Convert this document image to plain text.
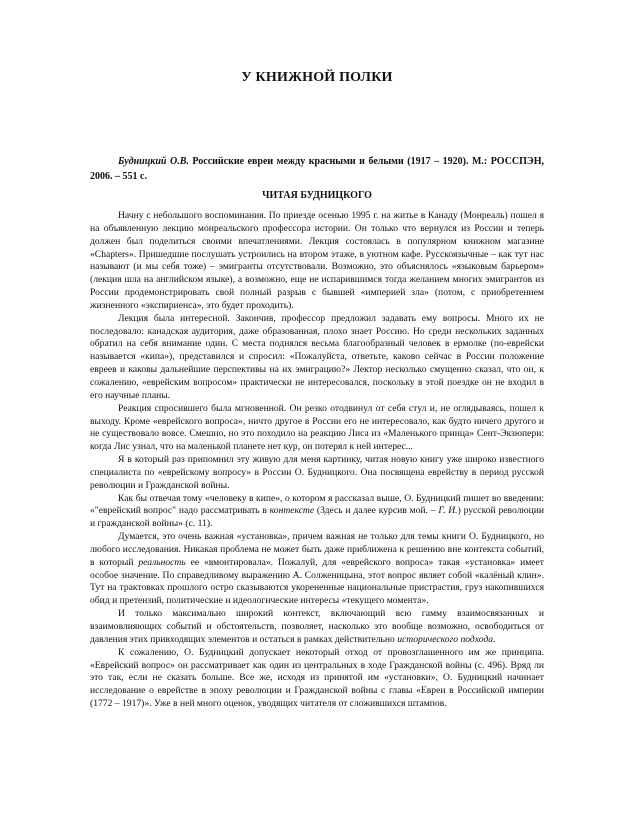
У КНИЖНОЙ ПОЛКИ
Будницкий О.В. Российские евреи между красными и белыми (1917 – 1920). М.: РОССПЭН, 2006. – 551 с.
ЧИТАЯ БУДНИЦКОГО

Начну с небольшого воспоминания. По приезде осенью 1995 г. на житье в Канаду (Монреаль) пошел я на объявленную лекцию монреальского профессора истории. Он только что вернулся из России и теперь должен был поделиться своими впечатлениями. Лекция состоялась в популярном книжном магазине «Chapters». Пришедшие послушать устроились на втором этаже, в уютном кафе. Русскоязычные – как тут нас называют (и мы себя тоже) – эмигранты отсутствовали. Возможно, это объяснялось «языковым барьером» (лекция шла на английском языке), а возможно, еще не испарившимся тогда желанием многих эмигрантов из России продемонстрировать свой полный разрыв с бывшей «империей зла» (потом, с приобретением жизненного «экспириенса», это будет проходить).

Лекция была интересной. Закончив, профессор предложил задавать ему вопросы. Много их не последовало: канадская аудитория, даже образованная, плохо знает Россию. Но среди нескольких заданных обратил на себя внимание один. С места поднялся весьма благообразный человек в ермолке (по-еврейски называется «кипа»), представился и спросил: «Пожалуйста, ответьте, каково сейчас в России положение евреев и каковы дальнейшие перспективы на их эмиграцию?» Лектор несколько смущенно сказал, что он, к сожалению, «еврейским вопросом» практически не интересовался, поскольку в этой поездке он не входил в его научные планы.

Реакция спросившего была мгновенной. Он резко отодвинул от себя стул и, не оглядываясь, пошел к выходу. Кроме «еврейского вопроса», ничто другое в России его не интересовало, как будто ничего другого и не существовало вовсе. Смешно, но это походило на реакцию Лиса из «Маленького принца» Сент-Экзюпери: когда Лис узнал, что на маленькой планете нет кур, он потерял к ней интерес...

Я в который раз припомнил эту живую для меня картинку, читая новую книгу уже широко известного специалиста по «еврейскому вопросу» в России О. Будницкого. Она посвящена еврейству в период русской революции и Гражданской войны.

Как бы отвечая тому «человеку в кипе», о котором я рассказал выше, О. Будницкий пишет во введении: «"еврейский вопрос" надо рассматривать в контексте (Здесь и далее курсив мой. – Г. И.) русской революции и гражданской войны» (с. 11).

Думается, это очень важная «установка», причем важная не только для темы книги О. Будницкого, но любого исследования. Никакая проблема не может быть даже приближена к решению вне контекста событий, в который реальность ее «вмонтировала». Пожалуй, для «еврейского вопроса» такая «установка» имеет особое значение. По справедливому выражению А. Солженицына, этот вопрос являет собой «калёный клин». Тут на трактовках прошлого остро сказываются укорененные национальные пристрастия, груз накопившихся обид и претензий, политические и идеологические интересы «текущего момента».

И только максимально широкий контекст, включающий всю гамму взаимосвязанных и взаимовлияющих событий и обстоятельств, позволяет, насколько это вообще возможно, освободиться от давления этих привходящих элементов и остаться в рамках действительно исторического подхода.

К сожалению, О. Будницкий допускает некоторый отход от провозглашенного им же принципа. «Еврейский вопрос» он рассматривает как один из центральных в ходе Гражданской войны (с. 496). Вряд ли это так, если не сказать больше. Все же, исходя из принятой им «установки», О. Будницкий начинает исследование о еврействе в эпоху революции и Гражданской войны с главы «Евреи в Российской империи (1772 – 1917)». Уже в ней много оценок, уводящих читателя от сложившихся штампов.
